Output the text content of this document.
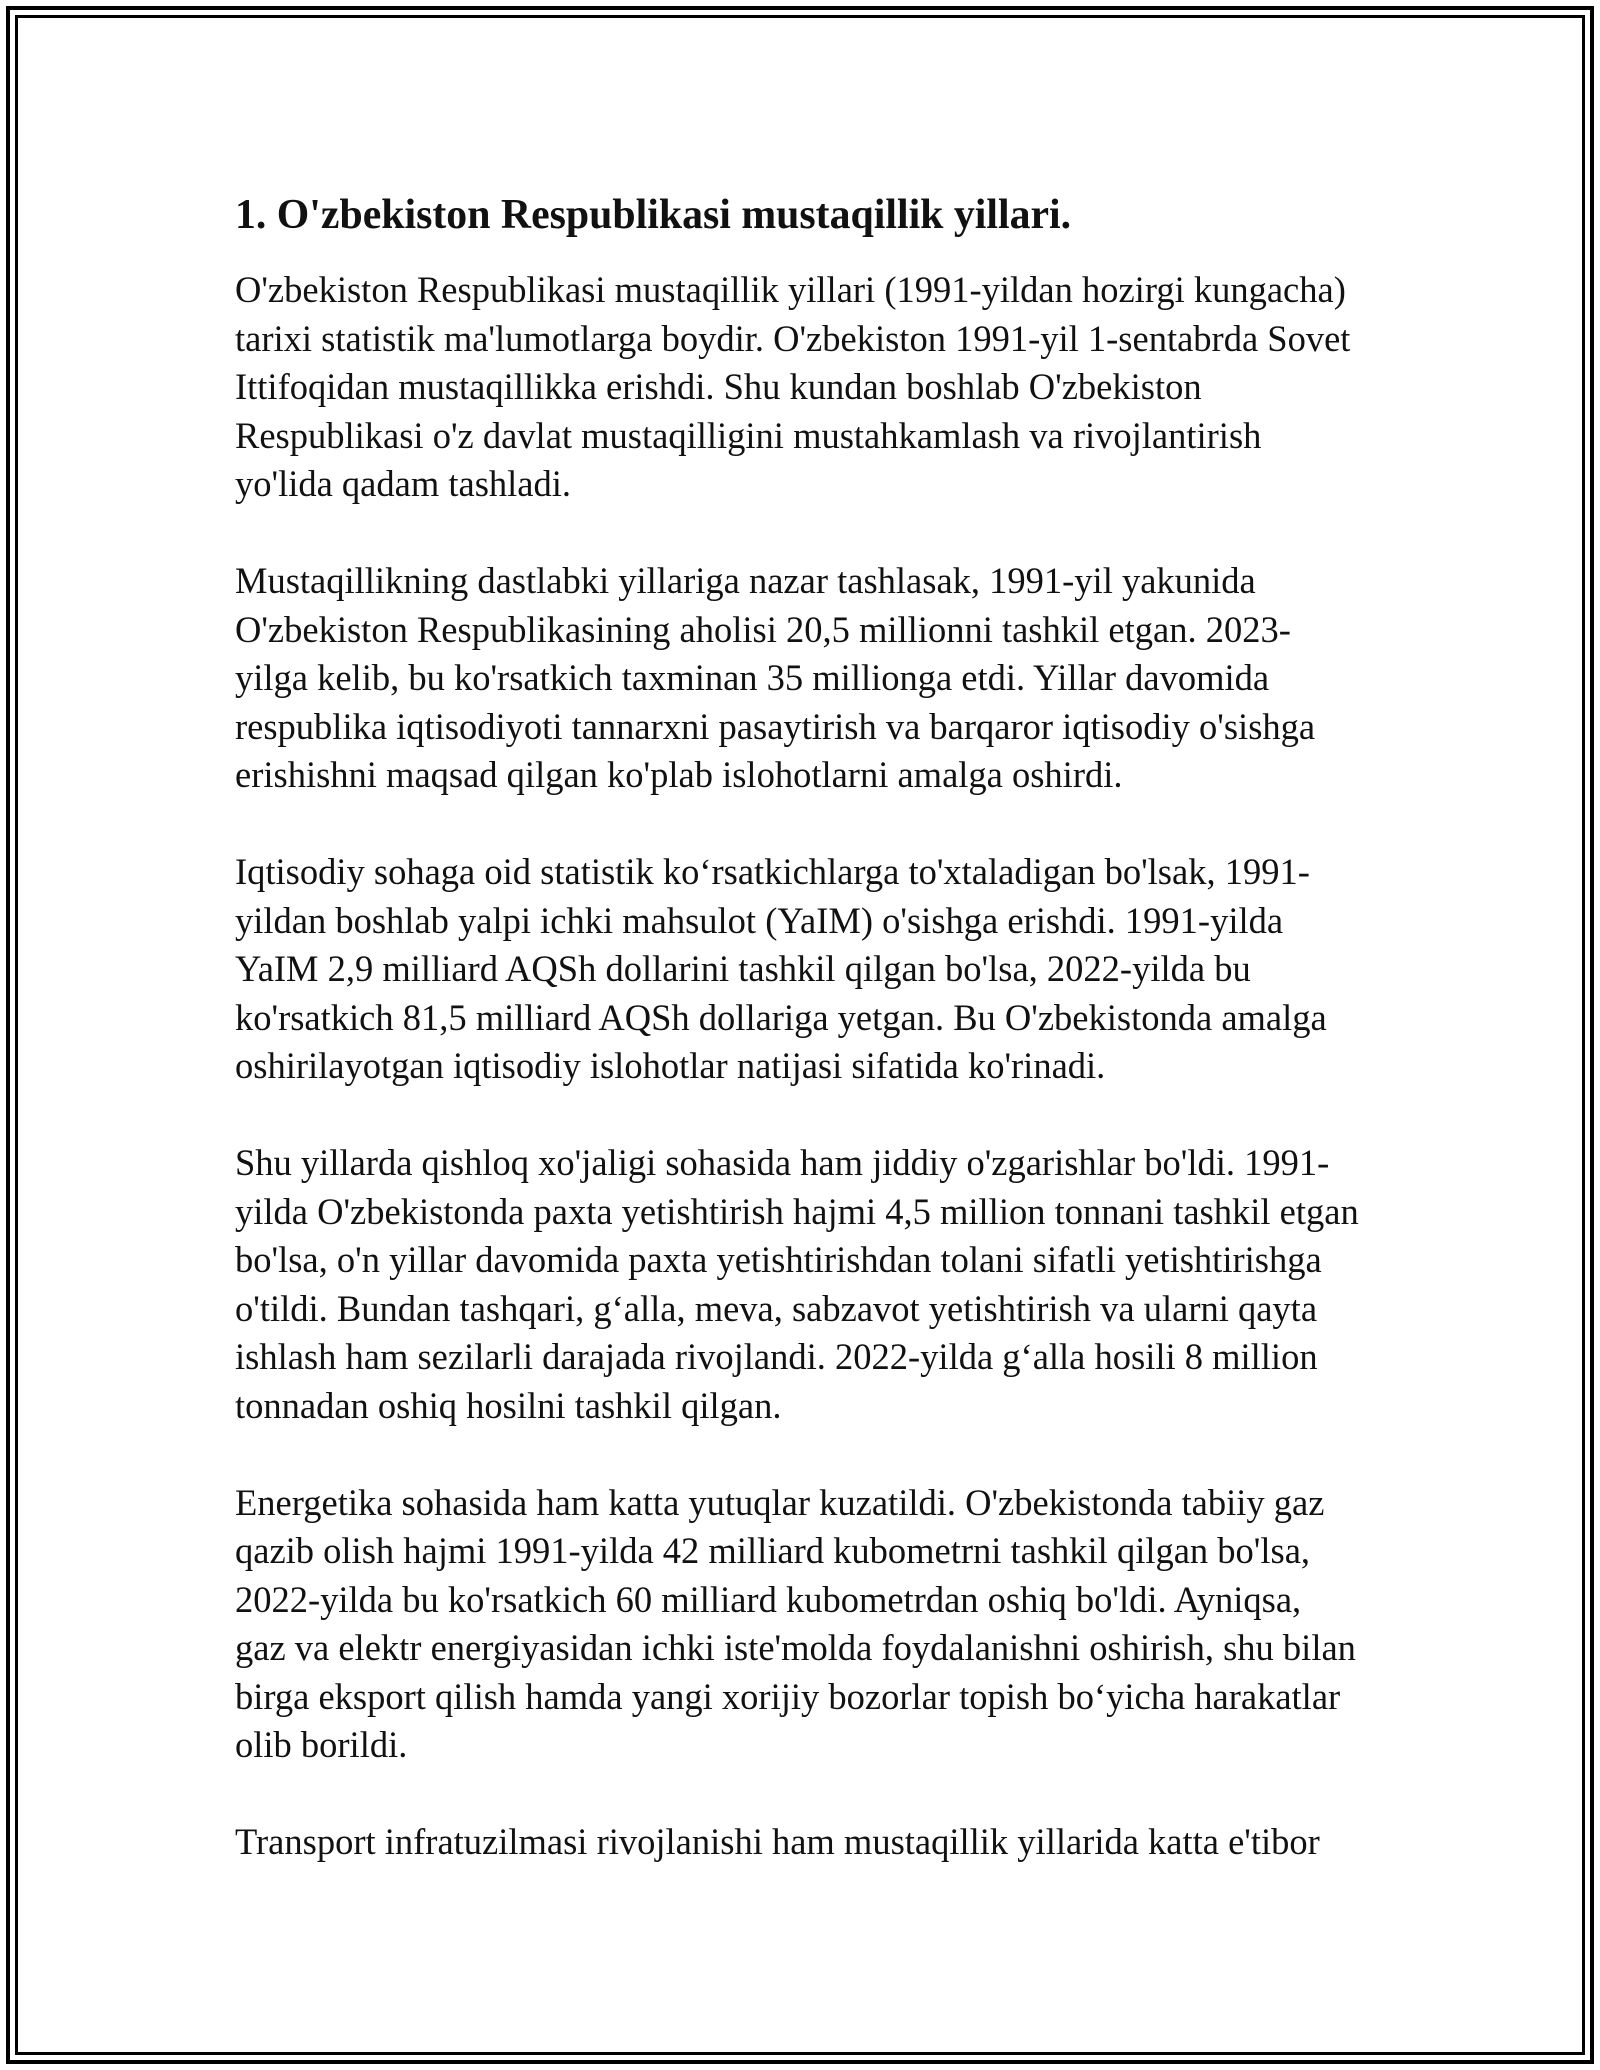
1. O'zbekiston Respublikasi mustaqillik yillari.
O'zbekiston Respublikasi mustaqillik yillari (1991-yildan hozirgi kungacha)
tarixi statistik ma'lumotlarga boydir. O'zbekiston 1991-yil 1-sentabrda Sovet
Ittifoqidan mustaqillikka erishdi. Shu kundan boshlab O'zbekiston
Respublikasi o'z davlat mustaqilligini mustahkamlash va rivojlantirish
yo'lida qadam tashladi.
Mustaqillikning dastlabki yillariga nazar tashlasak, 1991-yil yakunida
O'zbekiston Respublikasining aholisi 20,5 millionni tashkil etgan. 2023-
yilga kelib, bu ko'rsatkich taxminan 35 millionga etdi. Yillar davomida
respublika iqtisodiyoti tannarxni pasaytirish va barqaror iqtisodiy o'sishga
erishishni maqsad qilgan ko'plab islohotlarni amalga oshirdi.
Iqtisodiy sohaga oid statistik ko‘rsatkichlarga to'xtaladigan bo'lsak, 1991-
yildan boshlab yalpi ichki mahsulot (YaIM) o'sishga erishdi. 1991-yilda
YaIM 2,9 milliard AQSh dollarini tashkil qilgan bo'lsa, 2022-yilda bu
ko'rsatkich 81,5 milliard AQSh dollariga yetgan. Bu O'zbekistonda amalga
oshirilayotgan iqtisodiy islohotlar natijasi sifatida ko'rinadi.
Shu yillarda qishloq xo'jaligi sohasida ham jiddiy o'zgarishlar bo'ldi. 1991-
yilda O'zbekistonda paxta yetishtirish hajmi 4,5 million tonnani tashkil etgan
bo'lsa, o'n yillar davomida paxta yetishtirishdan tolani sifatli yetishtirishga
o'tildi. Bundan tashqari, g‘alla, meva, sabzavot yetishtirish va ularni qayta
ishlash ham sezilarli darajada rivojlandi. 2022-yilda g‘alla hosili 8 million
tonnadan oshiq hosilni tashkil qilgan.
Energetika sohasida ham katta yutuqlar kuzatildi. O'zbekistonda tabiiy gaz
qazib olish hajmi 1991-yilda 42 milliard kubometrni tashkil qilgan bo'lsa,
2022-yilda bu ko'rsatkich 60 milliard kubometrdan oshiq bo'ldi. Ayniqsa,
gaz va elektr energiyasidan ichki iste'molda foydalanishni oshirish, shu bilan
birga eksport qilish hamda yangi xorijiy bozorlar topish bo‘yicha harakatlar
olib borildi.
Transport infratuzilmasi rivojlanishi ham mustaqillik yillarida katta e'tibor
